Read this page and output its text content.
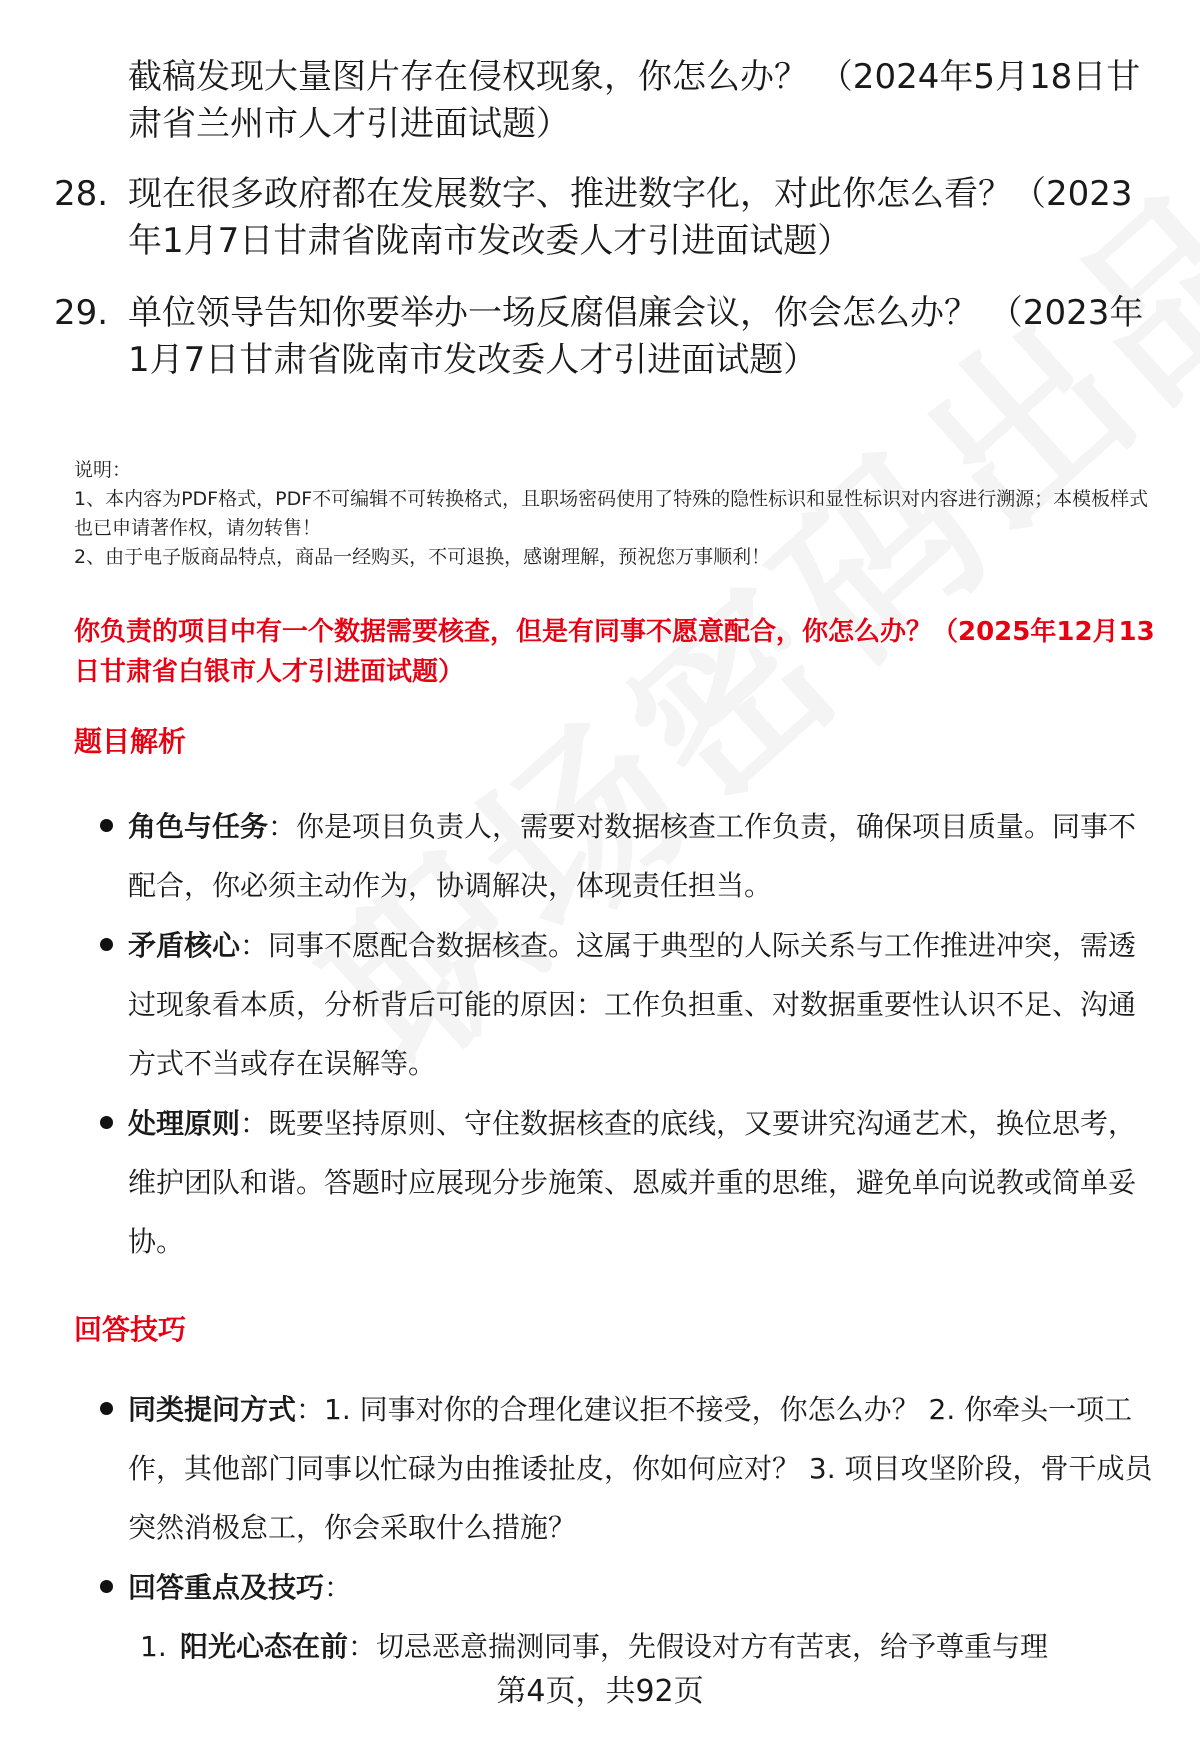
截稿发现大量图片存在侵权现象，你怎么办？ （2024年5月18日甘肃省兰州市人才引进面试题）
28. 现在很多政府都在发展数字、推进数字化，对此你怎么看？（2023年1月7日甘肃省陇南市发改委人才引进面试题）
29. 单位领导告知你要举办一场反腐倡廉会议，你会怎么办？ （2023年1月7日甘肃省陇南市发改委人才引进面试题）
说明：
1、本内容为PDF格式，PDF不可编辑不可转换格式，且职场密码使用了特殊的隐性标识和显性标识对内容进行溯源；本模板样式也已申请著作权，请勿转售！
2、由于电子版商品特点，商品一经购买，不可退换，感谢理解，预祝您万事顺利！
你负责的项目中有一个数据需要核查，但是有同事不愿意配合，你怎么办？（2025年12月13日甘肃省白银市人才引进面试题）
题目解析
角色与任务：你是项目负责人，需要对数据核查工作负责，确保项目质量。同事不配合，你必须主动作为，协调解决，体现责任担当。
矛盾核心：同事不愿配合数据核查。这属于典型的人际关系与工作推进冲突，需透过现象看本质，分析背后可能的原因：工作负担重、对数据重要性认识不足、沟通方式不当或存在误解等。
处理原则：既要坚持原则、守住数据核查的底线，又要讲究沟通艺术，换位思考，维护团队和谐。答题时应展现分步施策、恩威并重的思维，避免单向说教或简单妥协。
回答技巧
同类提问方式：1. 同事对你的合理化建议拒不接受，你怎么办？ 2. 你牵头一项工作，其他部门同事以忙碌为由推诿扯皮，你如何应对？ 3. 项目攻坚阶段，骨干成员突然消极怠工，你会采取什么措施？
回答重点及技巧：
1. 阳光心态在前：切忌恶意揣测同事，先假设对方有苦衷，给予尊重与理
第4页，共92页
